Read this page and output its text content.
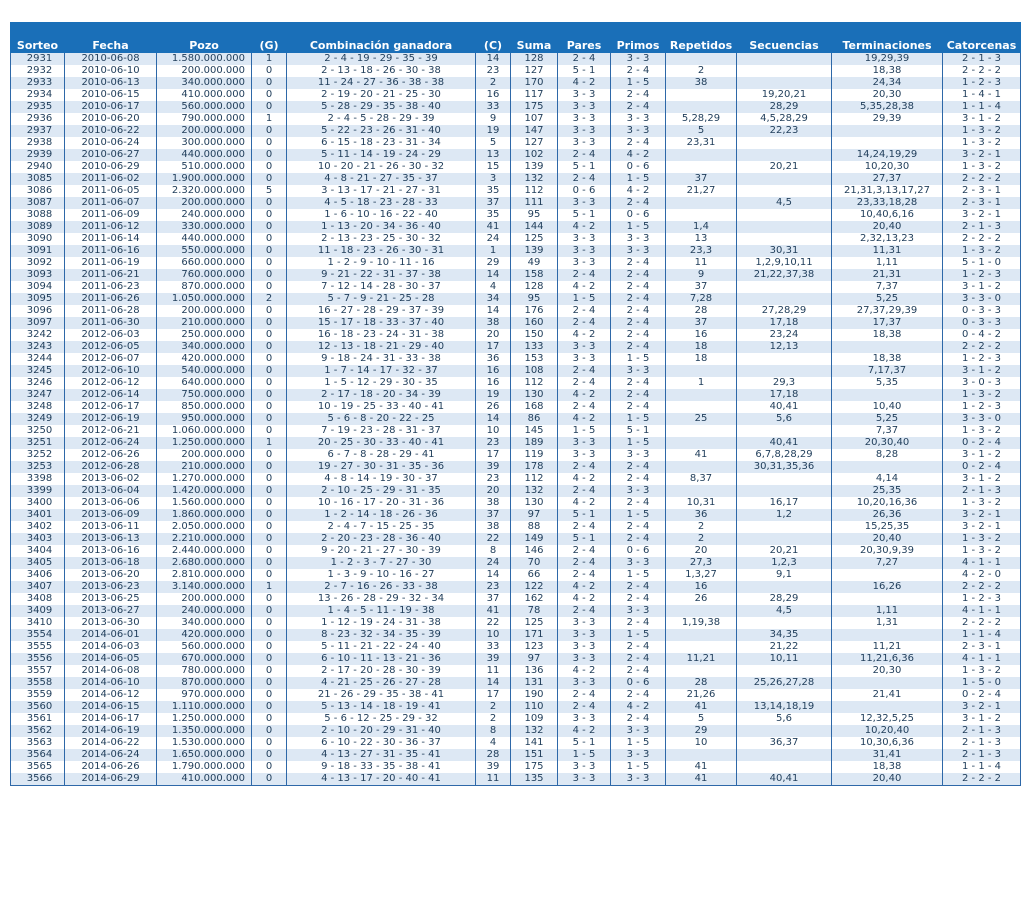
Sorteo	Fecha	Pozo	(G)	Combinación ganadora	(C)	Suma	Pares	Primos	Repetidos	Secuencias	Terminaciones	Catorcenas
2931	2010-06-08	1.580.000.000	1	2 - 4 - 19 - 29 - 35 - 39	14	128	2 - 4	3 - 3			19,29,39	2 - 1 - 3
2932	2010-06-10	200.000.000	0	2 - 13 - 18 - 26 - 30 - 38	23	127	5 - 1	2 - 4	2		18,38	2 - 2 - 2
2933	2010-06-13	340.000.000	0	11 - 24 - 27 - 36 - 38 - 38	2	170	4 - 2	1 - 5	38		24,34	1 - 2 - 3
2934	2010-06-15	410.000.000	0	2 - 19 - 20 - 21 - 25 - 30	16	117	3 - 3	2 - 4		19,20,21	20,30	1 - 4 - 1
2935	2010-06-17	560.000.000	0	5 - 28 - 29 - 35 - 38 - 40	33	175	3 - 3	2 - 4		28,29	5,35,28,38	1 - 1 - 4
2936	2010-06-20	790.000.000	1	2 - 4 - 5 - 28 - 29 - 39	9	107	3 - 3	3 - 3	5,28,29	4,5,28,29	29,39	3 - 1 - 2
2937	2010-06-22	200.000.000	0	5 - 22 - 23 - 26 - 31 - 40	19	147	3 - 3	3 - 3	5	22,23		1 - 3 - 2
2938	2010-06-24	300.000.000	0	6 - 15 - 18 - 23 - 31 - 34	5	127	3 - 3	2 - 4	23,31			1 - 3 - 2
2939	2010-06-27	440.000.000	0	5 - 11 - 14 - 19 - 24 - 29	13	102	2 - 4	4 - 2			14,24,19,29	3 - 2 - 1
2940	2010-06-29	510.000.000	0	10 - 20 - 21 - 26 - 30 - 32	15	139	5 - 1	0 - 6		20,21	10,20,30	1 - 3 - 2
3085	2011-06-02	1.900.000.000	0	4 - 8 - 21 - 27 - 35 - 37	3	132	2 - 4	1 - 5	37		27,37	2 - 2 - 2
3086	2011-06-05	2.320.000.000	5	3 - 13 - 17 - 21 - 27 - 31	35	112	0 - 6	4 - 2	21,27		21,31,3,13,17,27	2 - 3 - 1
3087	2011-06-07	200.000.000	0	4 - 5 - 18 - 23 - 28 - 33	37	111	3 - 3	2 - 4		4,5	23,33,18,28	2 - 3 - 1
3088	2011-06-09	240.000.000	0	1 - 6 - 10 - 16 - 22 - 40	35	95	5 - 1	0 - 6			10,40,6,16	3 - 2 - 1
3089	2011-06-12	330.000.000	0	1 - 13 - 20 - 34 - 36 - 40	41	144	4 - 2	1 - 5	1,4		20,40	2 - 1 - 3
3090	2011-06-14	440.000.000	0	2 - 13 - 23 - 25 - 30 - 32	24	125	3 - 3	3 - 3	13		2,32,13,23	2 - 2 - 2
3091	2011-06-16	550.000.000	0	11 - 18 - 23 - 26 - 30 - 31	1	139	3 - 3	3 - 3	23,3	30,31	11,31	1 - 3 - 2
3092	2011-06-19	660.000.000	0	1 - 2 - 9 - 10 - 11 - 16	29	49	3 - 3	2 - 4	11	1,2,9,10,11	1,11	5 - 1 - 0
3093	2011-06-21	760.000.000	0	9 - 21 - 22 - 31 - 37 - 38	14	158	2 - 4	2 - 4	9	21,22,37,38	21,31	1 - 2 - 3
3094	2011-06-23	870.000.000	0	7 - 12 - 14 - 28 - 30 - 37	4	128	4 - 2	2 - 4	37		7,37	3 - 1 - 2
3095	2011-06-26	1.050.000.000	2	5 - 7 - 9 - 21 - 25 - 28	34	95	1 - 5	2 - 4	7,28		5,25	3 - 3 - 0
3096	2011-06-28	200.000.000	0	16 - 27 - 28 - 29 - 37 - 39	14	176	2 - 4	2 - 4	28	27,28,29	27,37,29,39	0 - 3 - 3
3097	2011-06-30	210.000.000	0	15 - 17 - 18 - 33 - 37 - 40	38	160	2 - 4	2 - 4	37	17,18	17,37	0 - 3 - 3
3242	2012-06-03	250.000.000	0	16 - 18 - 23 - 24 - 31 - 38	20	150	4 - 2	2 - 4	16	23,24	18,38	0 - 4 - 2
3243	2012-06-05	340.000.000	0	12 - 13 - 18 - 21 - 29 - 40	17	133	3 - 3	2 - 4	18	12,13		2 - 2 - 2
3244	2012-06-07	420.000.000	0	9 - 18 - 24 - 31 - 33 - 38	36	153	3 - 3	1 - 5	18		18,38	1 - 2 - 3
3245	2012-06-10	540.000.000	0	1 - 7 - 14 - 17 - 32 - 37	16	108	2 - 4	3 - 3			7,17,37	3 - 1 - 2
3246	2012-06-12	640.000.000	0	1 - 5 - 12 - 29 - 30 - 35	16	112	2 - 4	2 - 4	1	29,3	5,35	3 - 0 - 3
3247	2012-06-14	750.000.000	0	2 - 17 - 18 - 20 - 34 - 39	19	130	4 - 2	2 - 4		17,18		1 - 3 - 2
3248	2012-06-17	850.000.000	0	10 - 19 - 25 - 33 - 40 - 41	26	168	2 - 4	2 - 4		40,41	10,40	1 - 2 - 3
3249	2012-06-19	950.000.000	0	5 - 6 - 8 - 20 - 22 - 25	14	86	4 - 2	1 - 5	25	5,6	5,25	3 - 3 - 0
3250	2012-06-21	1.060.000.000	0	7 - 19 - 23 - 28 - 31 - 37	10	145	1 - 5	5 - 1			7,37	1 - 3 - 2
3251	2012-06-24	1.250.000.000	1	20 - 25 - 30 - 33 - 40 - 41	23	189	3 - 3	1 - 5		40,41	20,30,40	0 - 2 - 4
3252	2012-06-26	200.000.000	0	6 - 7 - 8 - 28 - 29 - 41	17	119	3 - 3	3 - 3	41	6,7,8,28,29	8,28	3 - 1 - 2
3253	2012-06-28	210.000.000	0	19 - 27 - 30 - 31 - 35 - 36	39	178	2 - 4	2 - 4		30,31,35,36		0 - 2 - 4
3398	2013-06-02	1.270.000.000	0	4 - 8 - 14 - 19 - 30 - 37	23	112	4 - 2	2 - 4	8,37		4,14	3 - 1 - 2
3399	2013-06-04	1.420.000.000	0	2 - 10 - 25 - 29 - 31 - 35	20	132	2 - 4	3 - 3			25,35	2 - 1 - 3
3400	2013-06-06	1.560.000.000	0	10 - 16 - 17 - 20 - 31 - 36	38	130	4 - 2	2 - 4	10,31	16,17	10,20,16,36	1 - 3 - 2
3401	2013-06-09	1.860.000.000	0	1 - 2 - 14 - 18 - 26 - 36	37	97	5 - 1	1 - 5	36	1,2	26,36	3 - 2 - 1
3402	2013-06-11	2.050.000.000	0	2 - 4 - 7 - 15 - 25 - 35	38	88	2 - 4	2 - 4	2		15,25,35	3 - 2 - 1
3403	2013-06-13	2.210.000.000	0	2 - 20 - 23 - 28 - 36 - 40	22	149	5 - 1	2 - 4	2		20,40	1 - 3 - 2
3404	2013-06-16	2.440.000.000	0	9 - 20 - 21 - 27 - 30 - 39	8	146	2 - 4	0 - 6	20	20,21	20,30,9,39	1 - 3 - 2
3405	2013-06-18	2.680.000.000	0	1 - 2 - 3 - 7 - 27 - 30	24	70	2 - 4	3 - 3	27,3	1,2,3	7,27	4 - 1 - 1
3406	2013-06-20	2.810.000.000	0	1 - 3 - 9 - 10 - 16 - 27	14	66	2 - 4	1 - 5	1,3,27	9,1		4 - 2 - 0
3407	2013-06-23	3.140.000.000	1	2 - 7 - 16 - 26 - 33 - 38	23	122	4 - 2	2 - 4	16		16,26	2 - 2 - 2
3408	2013-06-25	200.000.000	0	13 - 26 - 28 - 29 - 32 - 34	37	162	4 - 2	2 - 4	26	28,29		1 - 2 - 3
3409	2013-06-27	240.000.000	0	1 - 4 - 5 - 11 - 19 - 38	41	78	2 - 4	3 - 3		4,5	1,11	4 - 1 - 1
3410	2013-06-30	340.000.000	0	1 - 12 - 19 - 24 - 31 - 38	22	125	3 - 3	2 - 4	1,19,38		1,31	2 - 2 - 2
3554	2014-06-01	420.000.000	0	8 - 23 - 32 - 34 - 35 - 39	10	171	3 - 3	1 - 5		34,35		1 - 1 - 4
3555	2014-06-03	560.000.000	0	5 - 11 - 21 - 22 - 24 - 40	33	123	3 - 3	2 - 4		21,22	11,21	2 - 3 - 1
3556	2014-06-05	670.000.000	0	6 - 10 - 11 - 13 - 21 - 36	39	97	3 - 3	2 - 4	11,21	10,11	11,21,6,36	4 - 1 - 1
3557	2014-06-08	780.000.000	0	2 - 17 - 20 - 28 - 30 - 39	11	136	4 - 2	2 - 4			20,30	1 - 3 - 2
3558	2014-06-10	870.000.000	0	4 - 21 - 25 - 26 - 27 - 28	14	131	3 - 3	0 - 6	28	25,26,27,28		1 - 5 - 0
3559	2014-06-12	970.000.000	0	21 - 26 - 29 - 35 - 38 - 41	17	190	2 - 4	2 - 4	21,26		21,41	0 - 2 - 4
3560	2014-06-15	1.110.000.000	0	5 - 13 - 14 - 18 - 19 - 41	2	110	2 - 4	4 - 2	41	13,14,18,19		3 - 2 - 1
3561	2014-06-17	1.250.000.000	0	5 - 6 - 12 - 25 - 29 - 32	2	109	3 - 3	2 - 4	5	5,6	12,32,5,25	3 - 1 - 2
3562	2014-06-19	1.350.000.000	0	2 - 10 - 20 - 29 - 31 - 40	8	132	4 - 2	3 - 3	29		10,20,40	2 - 1 - 3
3563	2014-06-22	1.530.000.000	0	6 - 10 - 22 - 30 - 36 - 37	4	141	5 - 1	1 - 5	10	36,37	10,30,6,36	2 - 1 - 3
3564	2014-06-24	1.650.000.000	0	4 - 13 - 27 - 31 - 35 - 41	28	151	1 - 5	3 - 3			31,41	2 - 1 - 3
3565	2014-06-26	1.790.000.000	0	9 - 18 - 33 - 35 - 38 - 41	39	175	3 - 3	1 - 5	41		18,38	1 - 1 - 4
3566	2014-06-29	410.000.000	0	4 - 13 - 17 - 20 - 40 - 41	11	135	3 - 3	3 - 3	41	40,41	20,40	2 - 2 - 2
